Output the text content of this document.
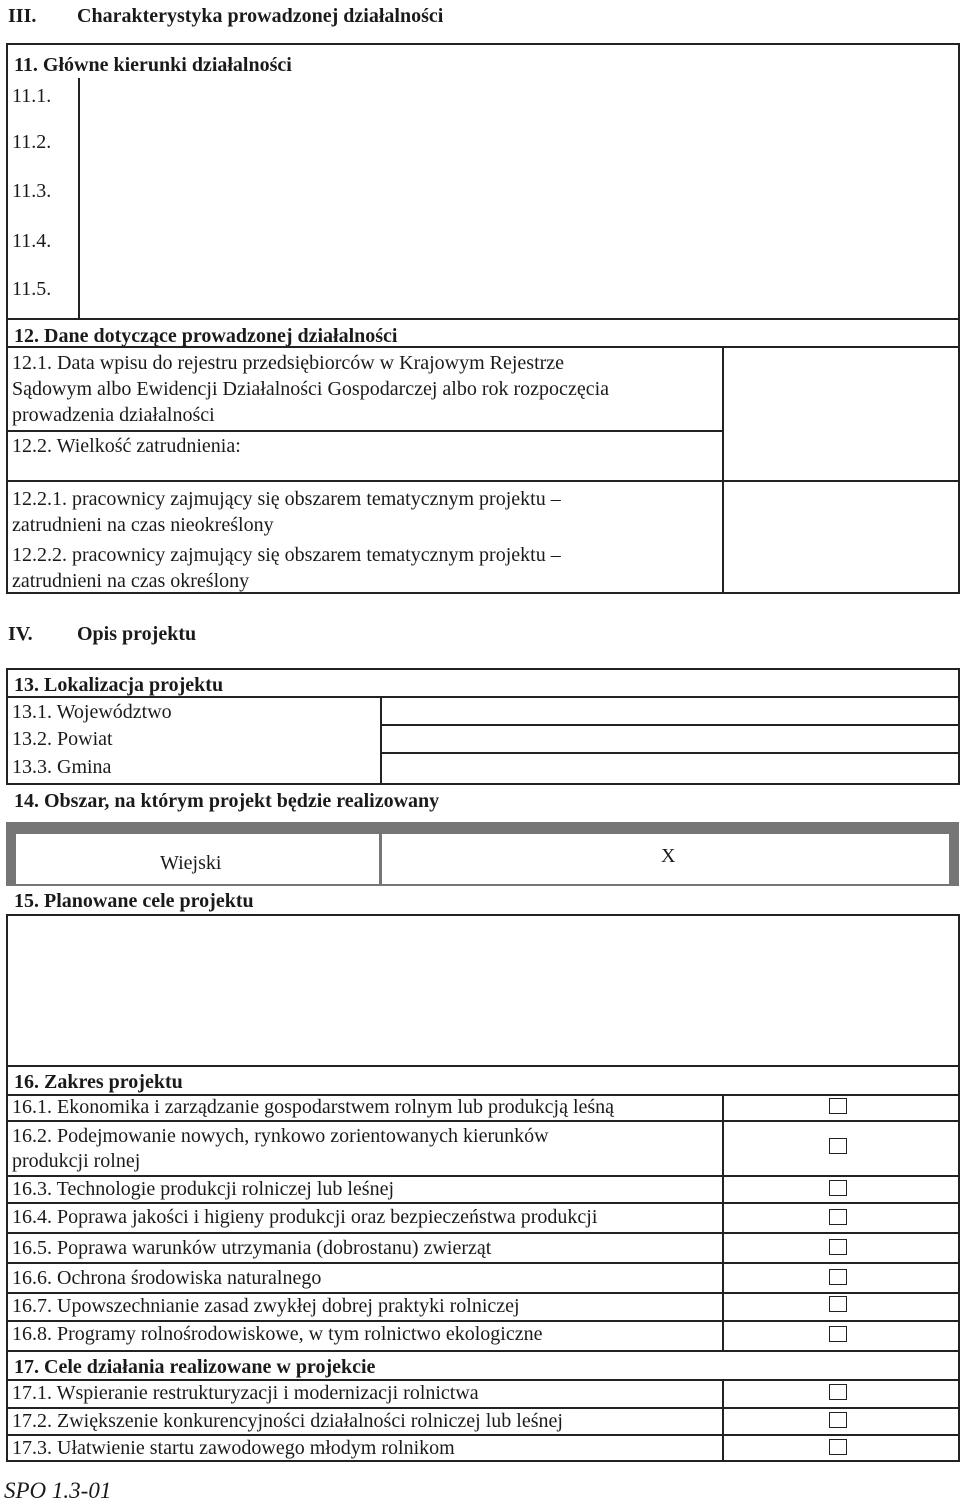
III. Charakterystyka prowadzonej działalności
11. Główne kierunki działalności
11.1.
11.2.
11.3.
11.4.
11.5.
12. Dane dotyczące prowadzonej działalności
12.1. Data wpisu do rejestru przedsiębiorców w Krajowym Rejestrze
Sądowym albo Ewidencji Działalności Gospodarczej albo rok rozpoczęcia
prowadzenia działalności
12.2. Wielkość zatrudnienia:
12.2.1. pracownicy zajmujący się obszarem tematycznym projektu –
zatrudnieni na czas nieokreślony
12.2.2. pracownicy zajmujący się obszarem tematycznym projektu –
zatrudnieni na czas określony
IV. Opis projektu
13. Lokalizacja projektu
13.1. Województwo
13.2. Powiat
13.3. Gmina
14. Obszar, na którym projekt będzie realizowany
Wiejski	X
15. Planowane cele projektu
16. Zakres projektu
16.1. Ekonomika i zarządzanie gospodarstwem rolnym lub produkcją leśną
16.2. Podejmowanie nowych, rynkowo zorientowanych kierunków
produkcji rolnej
16.3. Technologie produkcji rolniczej lub leśnej
16.4. Poprawa jakości i higieny produkcji oraz bezpieczeństwa produkcji
16.5. Poprawa warunków utrzymania (dobrostanu) zwierząt
16.6. Ochrona środowiska naturalnego
16.7. Upowszechnianie zasad zwykłej dobrej praktyki rolniczej
16.8. Programy rolnośrodowiskowe, w tym rolnictwo ekologiczne
17. Cele działania realizowane w projekcie
17.1. Wspieranie restrukturyzacji i modernizacji rolnictwa
17.2. Zwiększenie konkurencyjności działalności rolniczej lub leśnej
17.3. Ułatwienie startu zawodowego młodym rolnikom
SPO 1.3-01
